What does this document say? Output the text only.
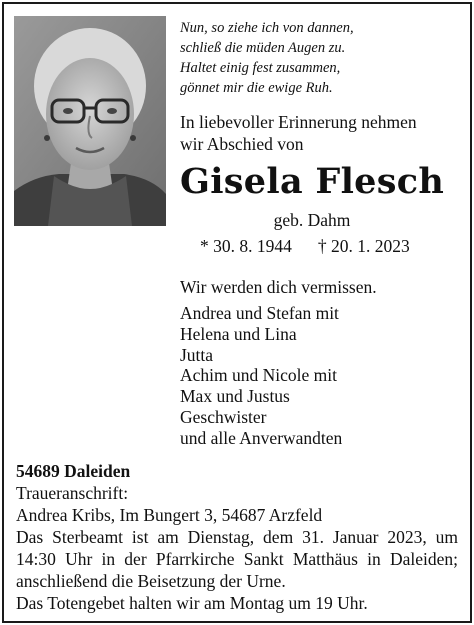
Nun, so ziehe ich von dannen,
schließ die müden Augen zu.
Haltet einig fest zusammen,
gönnet mir die ewige Ruh.
In liebevoller Erinnerung nehmen
wir Abschied von
Gisela Flesch
geb. Dahm
* 30. 8. 1944 † 20. 1. 2023
Wir werden dich vermissen.
Andrea und Stefan mit
Helena und Lina
Jutta
Achim und Nicole mit
Max und Justus
Geschwister
und alle Anverwandten
54689 Daleiden
Traueranschrift:
Andrea Kribs, Im Bungert 3, 54687 Arzfeld
Das Sterbeamt ist am Dienstag, dem 31. Januar 2023, um 14:30 Uhr in der Pfarrkirche Sankt Matthäus in Daleiden; anschließend die Beisetzung der Urne.
Das Totengebet halten wir am Montag um 19 Uhr.
